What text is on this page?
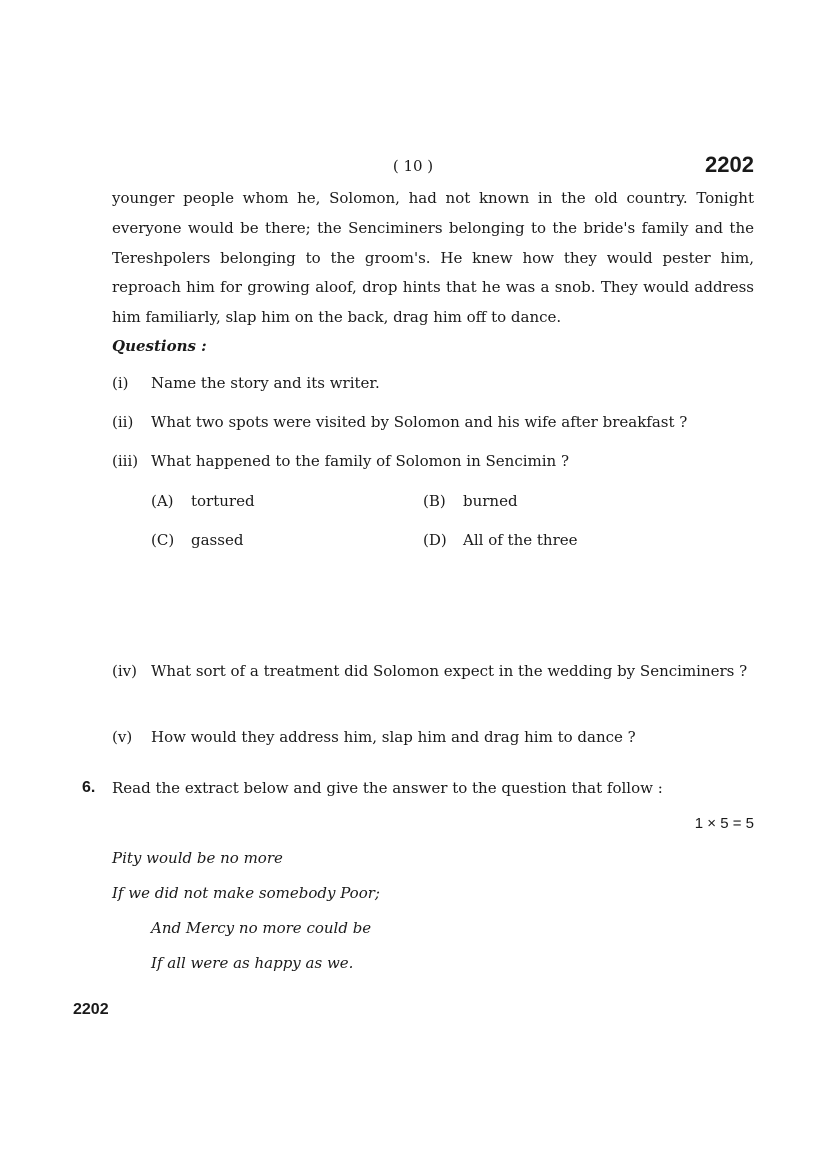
( 10 )	2202
younger people whom he, Solomon, had not known in the old country. Tonight everyone would be there; the Senciminers belonging to the bride's family and the Tereshpolers belonging to the groom's. He knew how they would pester him, reproach him for growing aloof, drop hints that he was a snob. They would address him familiarly, slap him on the back, drag him off to dance.
Questions :
(i) Name the story and its writer.
(ii) What two spots were visited by Solomon and his wife after breakfast ?
(iii) What happened to the family of Solomon in Sencimin ?
(A) tortured	(B) burned
(C) gassed	(D) All of the three
(iv) What sort of a treatment did Solomon expect in the wedding by Senciminers ?
(v) How would they address him, slap him and drag him to dance ?
6. Read the extract below and give the answer to the question that follow :
1 × 5 = 5
Pity would be no more
If we did not make somebody Poor;
And Mercy no more could be
If all were as happy as we.
2202
